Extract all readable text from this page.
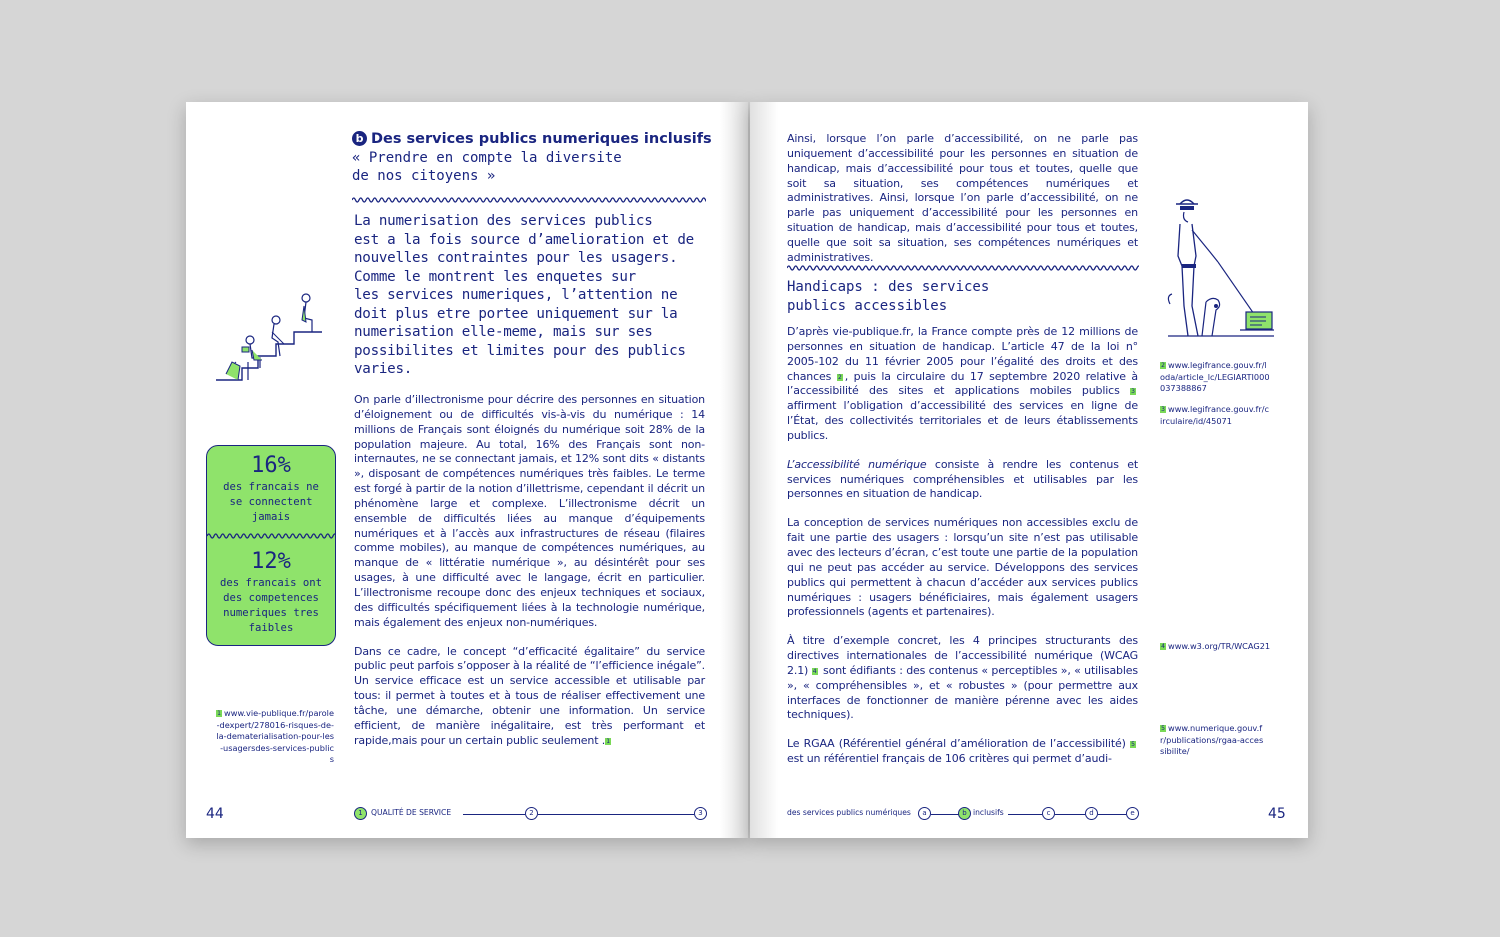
b Des services publics numeriques inclusifs
« Prendre en compte la diversite
de nos citoyens »
La numerisation des services publics
est a la fois source d’amelioration et de
nouvelles contraintes pour les usagers.
Comme le montrent les enquetes sur
les services numeriques, l’attention ne
doit plus etre portee uniquement sur la
numerisation elle-meme, mais sur ses
possibilites et limites pour des publics
varies.
16%
des francais ne se connectent jamais
12%
des francais ont des competences numeriques tres faibles
1 www.vie-publique.fr/parole-dexpert/278016-risques-de-la-dematerialisation-pour-les-usagersdes-services-publics

On parle d’illectronisme pour décrire des personnes en situation d’éloignement ou de difficultés vis-à-vis du numérique : 14 millions de Français sont éloignés du numérique soit 28% de la population majeure. Au total, 16% des Français sont non-internautes, ne se connectant jamais, et 12% sont dits « distants », disposant de compétences numériques très faibles. Le terme est forgé à partir de la notion d’illettrisme, cependant il décrit un phénomène large et complexe. L’illectronisme décrit un ensemble de difficultés liées au manque d’équipements numériques et à l’accès aux infrastructures de réseau (filaires comme mobiles), au manque de compétences numériques, au manque de « littératie numérique », au désintérêt pour ses usages, à une difficulté avec le langage, écrit en particulier. L’illectronisme recoupe donc des enjeux techniques et sociaux, des difficultés spécifiquement liées à la technologie numérique, mais également des enjeux non-numériques.

Dans ce cadre, le concept “d’efficacité égalitaire” du service public peut parfois s’opposer à la réalité de “l’efficience inégale”. Un service efficace est un service accessible et utilisable par tous: il permet à toutes et à tous de réaliser effectivement une tâche, une démarche, obtenir une information. Un service efficient, de manière inégalitaire, est très performant et rapide,mais pour un certain public seulement .1

44	1	QUALITÉ DE SERVICE	2	3
Ainsi, lorsque l’on parle d’accessibilité, on ne parle pas uniquement d’accessibilité pour les personnes en situation de handicap, mais d’accessibilité pour tous et toutes, quelle que soit sa situation, ses compétences numériques et administratives. Ainsi, lorsque l’on parle d’accessibilité, on ne parle pas uniquement d’accessibilité pour les personnes en situation de handicap, mais d’accessibilité pour tous et toutes, quelle que soit sa situation, ses compétences numériques et administratives.
Handicaps : des services
publics accessibles

D’après vie-publique.fr, la France compte près de 12 millions de personnes en situation de handicap. L’article 47 de la loi n° 2005-102 du 11 février 2005 pour l’égalité des droits et des chances 2 , puis la circulaire du 17 septembre 2020 relative à l’accessibilité des sites et applications mobiles publics 3 affirment l’obligation d’accessibilité des services en ligne de l’État, des collectivités territoriales et de leurs établissements publics.

L’accessibilité numérique consiste à rendre les contenus et services numériques compréhensibles et utilisables par les personnes en situation de handicap.

La conception de services numériques non accessibles exclu de fait une partie des usagers : lorsqu’un site n’est pas utilisable avec des lecteurs d’écran, c’est toute une partie de la population qui ne peut pas accéder au service. Développons des services publics qui permettent à chacun d’accéder aux services publics numériques : usagers bénéficiaires, mais également usagers professionnels (agents et partenaires).

À titre d’exemple concret, les 4 principes structurants des directives internationales de l’accessibilité numérique (WCAG 2.1) 4 sont édifiants : des contenus « perceptibles », « utilisables », « compréhensibles », et « robustes » (pour permettre aux interfaces de fonctionner de manière pérenne avec les aides techniques).

Le RGAA (Référentiel général d’amélioration de l’accessibilité) 5 est un référentiel français de 106 critères qui permet d’audi-

2 www.legifrance.gouv.fr/loda/article_lc/LEGIARTI000037388867
3 www.legifrance.gouv.fr/circulaire/id/45071
4 www.w3.org/TR/WCAG21
5 www.numerique.gouv.fr/publications/rgaa-accessibilite/
des services publics numériques	a	b inclusifs	c	d	e	45
